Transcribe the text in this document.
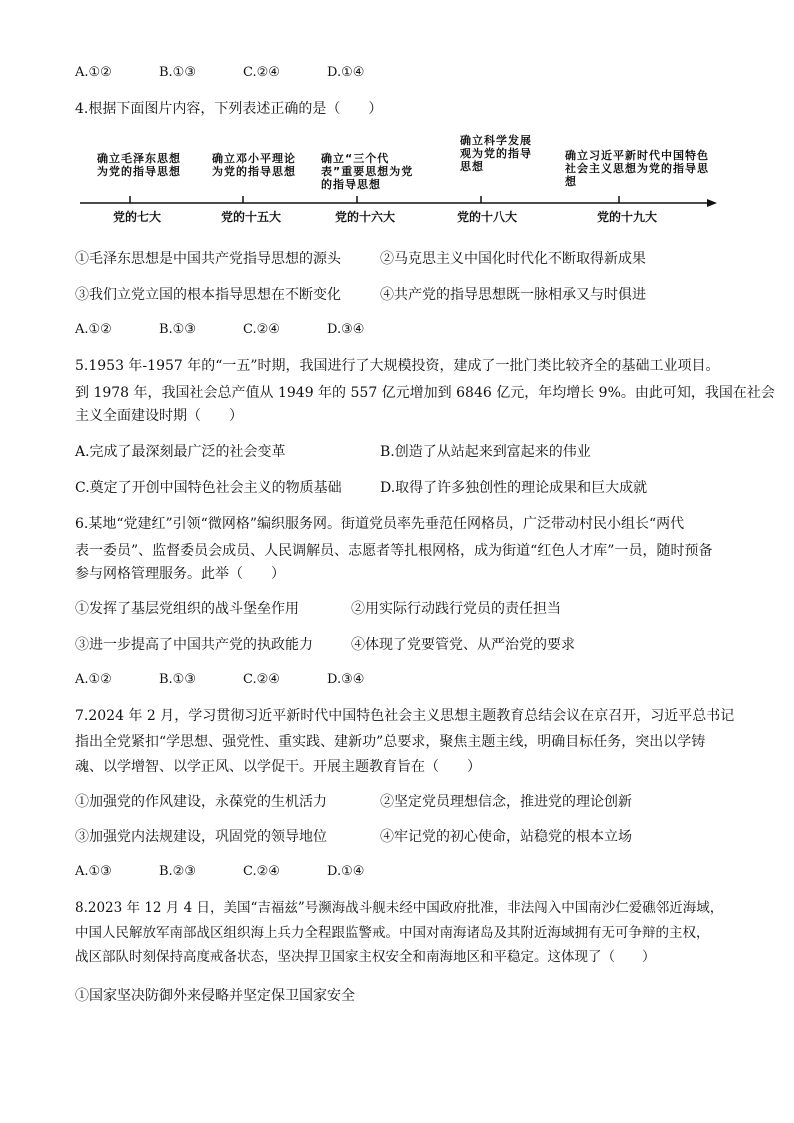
A.①②	B.①③	C.②④	D.①④
4.根据下面图片内容，下列表述正确的是（　　）
确立毛泽东思想为党的指导思想
确立邓小平理论为党的指导思想
确立“三个代表”重要思想为党的指导思想
确立科学发展观为党的指导思想
确立习近平新时代中国特色社会主义思想为党的指导思想
党的七大	党的十五大	党的十六大	党的十八大	党的十九大
①毛泽东思想是中国共产党指导思想的源头	②马克思主义中国化时代化不断取得新成果
③我们立党立国的根本指导思想在不断变化	④共产党的指导思想既一脉相承又与时俱进
A.①②	B.①③	C.②④	D.③④
5.1953 年-1957 年的“一五”时期，我国进行了大规模投资，建成了一批门类比较齐全的基础工业项目。
到 1978 年，我国社会总产值从 1949 年的 557 亿元增加到 6846 亿元，年均增长 9%。由此可知，我国在社会
主义全面建设时期（　　）
A.完成了最深刻最广泛的社会变革	B.创造了从站起来到富起来的伟业
C.奠定了开创中国特色社会主义的物质基础	D.取得了许多独创性的理论成果和巨大成就
6.某地“党建红”引领“微网格”编织服务网。街道党员率先垂范任网格员，广泛带动村民小组长“两代
表一委员”、监督委员会成员、人民调解员、志愿者等扎根网格，成为街道“红色人才库”一员，随时预备
参与网格管理服务。此举（　　）
①发挥了基层党组织的战斗堡垒作用	②用实际行动践行党员的责任担当
③进一步提高了中国共产党的执政能力	④体现了党要管党、从严治党的要求
A.①②	B.①③	C.②④	D.③④
7.2024 年 2 月，学习贯彻习近平新时代中国特色社会主义思想主题教育总结会议在京召开，习近平总书记
指出全党紧扣“学思想、强党性、重实践、建新功”总要求，聚焦主题主线，明确目标任务，突出以学铸
魂、以学增智、以学正风、以学促干。开展主题教育旨在（　　）
①加强党的作风建设，永葆党的生机活力	②坚定党员理想信念，推进党的理论创新
③加强党内法规建设，巩固党的领导地位	④牢记党的初心使命，站稳党的根本立场
A.①③	B.②③	C.②④	D.①④
8.2023 年 12 月 4 日，美国“吉福兹”号濒海战斗舰未经中国政府批准，非法闯入中国南沙仁爱礁邻近海域，
中国人民解放军南部战区组织海上兵力全程跟监警戒。中国对南海诸岛及其附近海域拥有无可争辩的主权，
战区部队时刻保持高度戒备状态，坚决捍卫国家主权安全和南海地区和平稳定。这体现了（　　）
①国家坚决防御外来侵略并坚定保卫国家安全
